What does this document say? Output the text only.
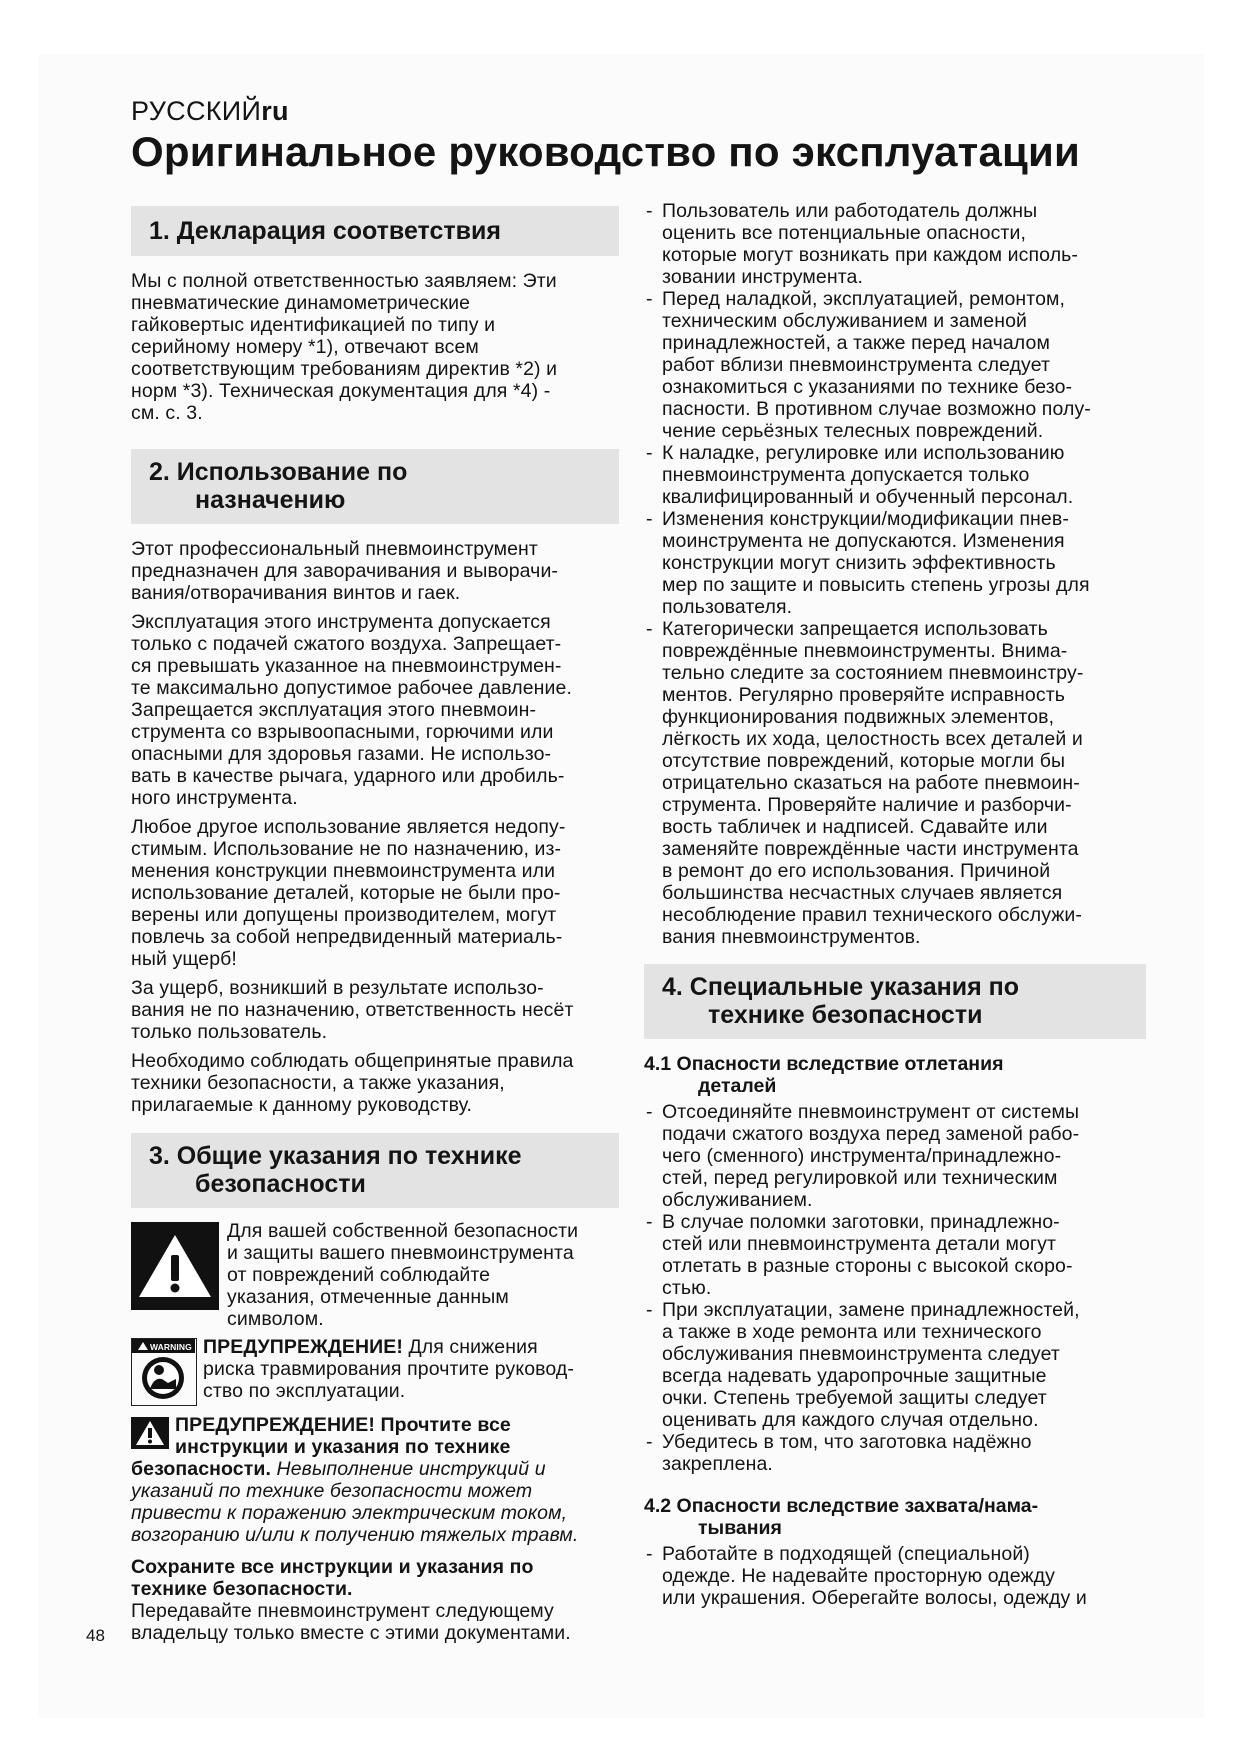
РУССКИЙru
Оригинальное руководство по эксплуатации
1. Декларация соответствия

Мы с полной ответственностью заявляем: Эти
пневматические динамометрические
гайковертыс идентификацией по типу и
серийному номеру *1), отвечают всем
соответствующим требованиям директив *2) и
норм *3). Техническая документация для *4) -
см. с. 3.

2. Использование по
назначению

Этот профессиональный пневмоинструмент
предназначен для заворачивания и выворачи-
вания/отворачивания винтов и гаек.

Эксплуатация этого инструмента допускается
только с подачей сжатого воздуха. Запрещает-
ся превышать указанное на пневмоинструмен-
те максимально допустимое рабочее давление.
Запрещается эксплуатация этого пневмоин-
струмента со взрывоопасными, горючими или
опасными для здоровья газами. Не использо-
вать в качестве рычага, ударного или дробиль-
ного инструмента.

Любое другое использование является недопу-
стимым. Использование не по назначению, из-
менения конструкции пневмоинструмента или
использование деталей, которые не были про-
верены или допущены производителем, могут
повлечь за собой непредвиденный материаль-
ный ущерб!

За ущерб, возникший в результате использо-
вания не по назначению, ответственность несёт
только пользователь.

Необходимо соблюдать общепринятые правила
техники безопасности, а также указания,
прилагаемые к данному руководству.

3. Общие указания по технике
безопасности
Для вашей собственной безопасности
и защиты вашего пневмоинструмента
от повреждений соблюдайте
указания, отмеченные данным
символом.
WARNING ПРЕДУПРЕЖДЕНИЕ! Для снижения
риска травмирования прочтите руковод-
ство по эксплуатации.
ПРЕДУПРЕЖДЕНИЕ! Прочтите все
инструкции и указания по технике

безопасности. Невыполнение инструкций и
указаний по технике безопасности может
привести к поражению электрическим током,
возгоранию и/или к получению тяжелых травм.
Сохраните все инструкции и указания по
технике безопасности.
Передавайте пневмоинструмент следующему
владельцу только вместе с этими документами.
- Пользователь или работодатель должны
оценить все потенциальные опасности,
которые могут возникать при каждом исполь-
зовании инструмента.
- Перед наладкой, эксплуатацией, ремонтом,
техническим обслуживанием и заменой
принадлежностей, а также перед началом
работ вблизи пневмоинструмента следует
ознакомиться с указаниями по технике безо-
пасности. В противном случае возможно полу-
чение серьёзных телесных повреждений.
- К наладке, регулировке или использованию
пневмоинструмента допускается только
квалифицированный и обученный персонал.
- Изменения конструкции/модификации пнев-
моинструмента не допускаются. Изменения
конструкции могут снизить эффективность
мер по защите и повысить степень угрозы для
пользователя.
- Категорически запрещается использовать
повреждённые пневмоинструменты. Внима-
тельно следите за состоянием пневмоинстру-
ментов. Регулярно проверяйте исправность
функционирования подвижных элементов,
лёгкость их хода, целостность всех деталей и
отсутствие повреждений, которые могли бы
отрицательно сказаться на работе пневмоин-
струмента. Проверяйте наличие и разборчи-
вость табличек и надписей. Сдавайте или
заменяйте повреждённые части инструмента
в ремонт до его использования. Причиной
большинства несчастных случаев является
несоблюдение правил технического обслужи-
вания пневмоинструментов.
4. Специальные указания по
технике безопасности
4.1 Опасности вследствие отлетания
деталей
- Отсоединяйте пневмоинструмент от системы
подачи сжатого воздуха перед заменой рабо-
чего (сменного) инструмента/принадлежно-
стей, перед регулировкой или техническим
обслуживанием.
- В случае поломки заготовки, принадлежно-
стей или пневмоинструмента детали могут
отлетать в разные стороны с высокой скоро-
стью.
- При эксплуатации, замене принадлежностей,
а также в ходе ремонта или технического
обслуживания пневмоинструмента следует
всегда надевать ударопрочные защитные
очки. Степень требуемой защиты следует
оценивать для каждого случая отдельно.
- Убедитесь в том, что заготовка надёжно
закреплена.
4.2 Опасности вследствие захвата/нама-
тывания
- Работайте в подходящей (специальной)
одежде. Не надевайте просторную одежду
или украшения. Оберегайте волосы, одежду и
48
